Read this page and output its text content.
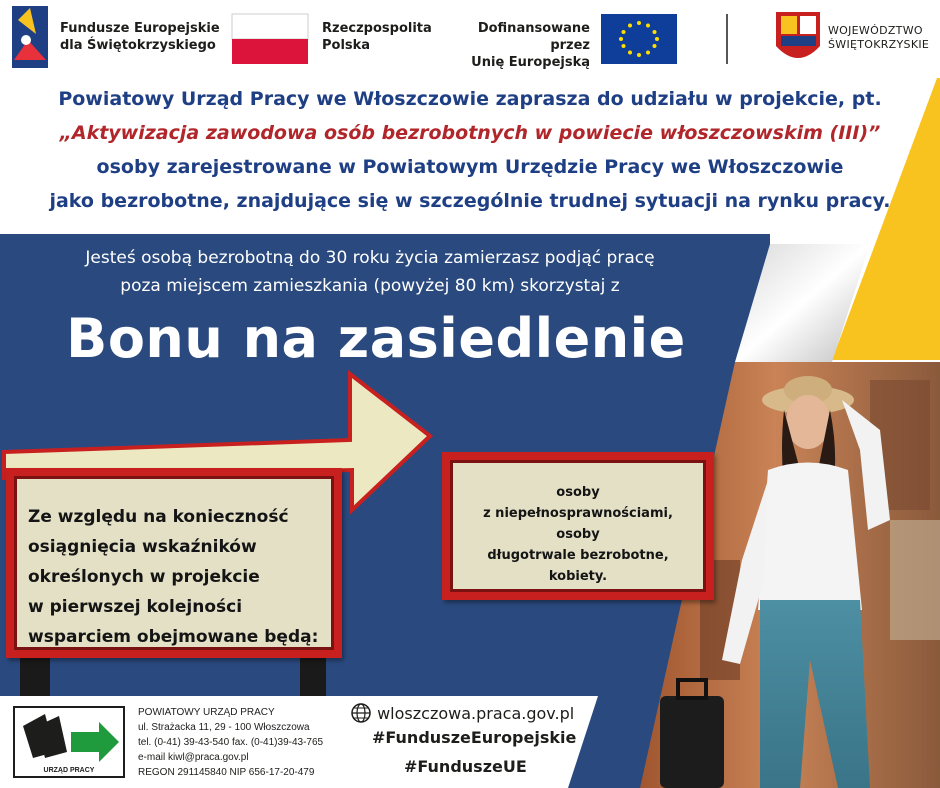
Ze względu na konieczność
osiągnięcia wskaźników
określonych w projekcie
w pierwszej kolejności
wsparciem obejmowane będą:
osoby
z niepełnosprawnościami,
osoby
długotrwale bezrobotne,
kobiety.
Fundusze Europejskie
dla Świętokrzyskiego
Rzeczpospolita
Polska
Dofinansowane przez
Unię Europejską
WOJEWÓDZTWO
ŚWIĘTOKRZYSKIE
Powiatowy Urząd Pracy we Włoszczowie zaprasza do udziału w projekcie, pt.
„Aktywizacja zawodowa osób bezrobotnych w powiecie włoszczowskim (III)”
osoby zarejestrowane w Powiatowym Urzędzie Pracy we Włoszczowie
jako bezrobotne, znajdujące się w szczególnie trudnej sytuacji na rynku pracy.
Jesteś osobą bezrobotną do 30 roku życia zamierzasz podjąć pracę
poza miejscem zamieszkania (powyżej 80 km) skorzystaj z
Bonu na zasiedlenie
URZĄD PRACY
POWIATOWY URZĄD PRACY
ul. Strażacka 11, 29 - 100 Włoszczowa
tel. (0-41) 39-43-540 fax. (0-41)39-43-765
e-mail kiwl@praca.gov.pl
REGON 291145840 NIP 656-17-20-479
wloszczowa.praca.gov.pl
#FunduszeEuropejskie
#FunduszeUE
